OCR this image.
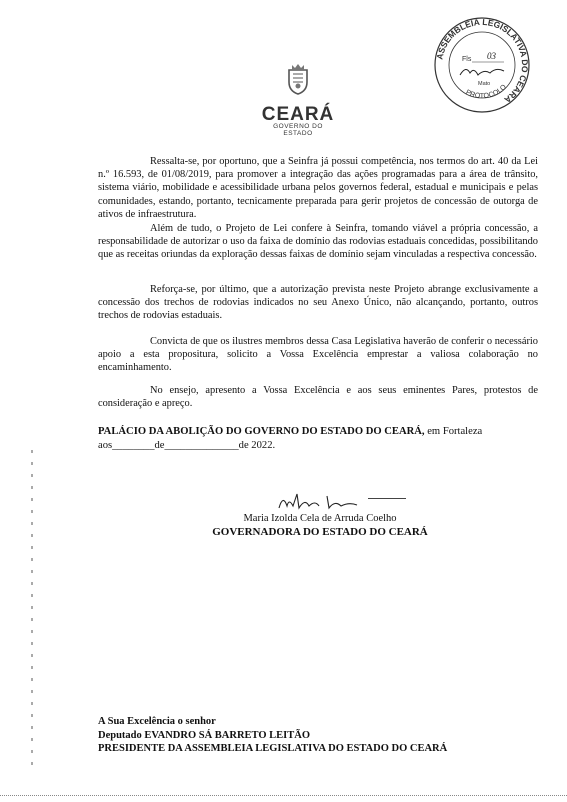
CEARÁ
GOVERNO DO ESTADO
ASSEMBLEIA LEGISLATIVA DO CEARÁ
PROTOCOLO
Fls 03
Mato
Ressalta-se, por oportuno, que a Seinfra já possui competência, nos termos do art. 40 da Lei n.º 16.593, de 01/08/2019, para promover a integração das ações programadas para a área de trânsito, sistema viário, mobilidade e acessibilidade urbana pelos governos federal, estadual e municipais e pelas comunidades, estando, portanto, tecnicamente preparada para gerir projetos de concessão de outorga de ativos de infraestrutura.
Além de tudo, o Projeto de Lei confere à Seinfra, tomando viável a própria concessão, a responsabilidade de autorizar o uso da faixa de domínio das rodovias estaduais concedidas, possibilitando que as receitas oriundas da exploração dessas faixas de domínio sejam vinculadas a respectiva concessão.
Reforça-se, por último, que a autorização prevista neste Projeto abrange exclusivamente a concessão dos trechos de rodovias indicados no seu Anexo Único, não alcançando, portanto, outros trechos de rodovias estaduais.
Convicta de que os ilustres membros dessa Casa Legislativa haverão de conferir o necessário apoio a esta propositura, solicito a Vossa Excelência emprestar a valiosa colaboração no encaminhamento.
No ensejo, apresento a Vossa Excelência e aos seus eminentes Pares, protestos de consideração e apreço.
PALÁCIO DA ABOLIÇÃO DO GOVERNO DO ESTADO DO CEARÁ, em Fortaleza
aos________de______________de 2022.
Maria Izolda Cela de Arruda Coelho
GOVERNADORA DO ESTADO DO CEARÁ
A Sua Excelência o senhor
Deputado EVANDRO SÁ BARRETO LEITÃO
PRESIDENTE DA ASSEMBLEIA LEGISLATIVA DO ESTADO DO CEARÁ
